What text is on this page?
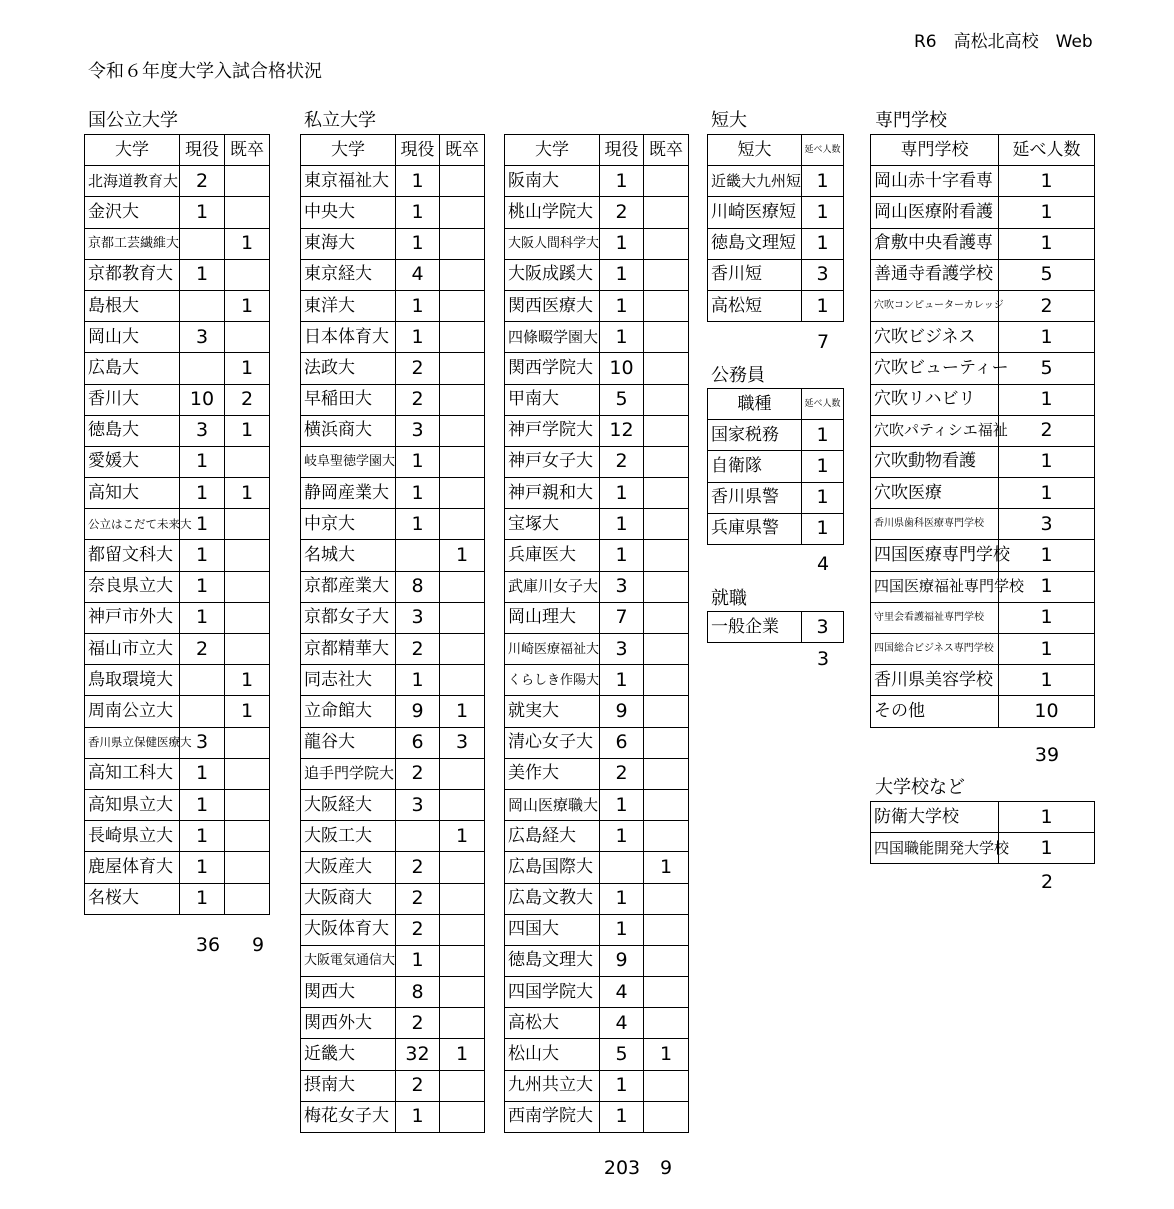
R6　高松北高校　Web
令和６年度大学入試合格状況
国公立大学	私立大学	短大	専門学校
公務員
就職
大学校など
大学	現役	既卒
北海道教育大	2	
金沢大	1	
京都工芸繊維大		1
京都教育大	1	
島根大		1
岡山大	3	
広島大		1
香川大	10	2
徳島大	3	1
愛媛大	1	
高知大	1	1
公立はこだて未来大	1	
都留文科大	1	
奈良県立大	1	
神戸市外大	1	
福山市立大	2	
鳥取環境大		1
周南公立大		1
香川県立保健医療大	3	
高知工科大	1	
高知県立大	1	
長崎県立大	1	
鹿屋体育大	1	
名桜大	1	
36	9
大学	現役	既卒
東京福祉大	1	
中央大	1	
東海大	1	
東京経大	4	
東洋大	1	
日本体育大	1	
法政大	2	
早稲田大	2	
横浜商大	3	
岐阜聖徳学園大	1	
静岡産業大	1	
中京大	1	
名城大		1
京都産業大	8	
京都女子大	3	
京都精華大	2	
同志社大	1	
立命館大	9	1
龍谷大	6	3
追手門学院大	2	
大阪経大	3	
大阪工大		1
大阪産大	2	
大阪商大	2	
大阪体育大	2	
大阪電気通信大	1	
関西大	8	
関西外大	2	
近畿大	32	1
摂南大	2	
梅花女子大	1	
大学	現役	既卒
阪南大	1	
桃山学院大	2	
大阪人間科学大	1	
大阪成蹊大	1	
関西医療大	1	
四條畷学園大	1	
関西学院大	10	
甲南大	5	
神戸学院大	12	
神戸女子大	2	
神戸親和大	1	
宝塚大	1	
兵庫医大	1	
武庫川女子大	3	
岡山理大	7	
川崎医療福祉大	3	
くらしき作陽大	1	
就実大	9	
清心女子大	6	
美作大	2	
岡山医療職大	1	
広島経大	1	
広島国際大		1
広島文教大	1	
四国大	1	
徳島文理大	9	
四国学院大	4	
高松大	4	
松山大	5	1
九州共立大	1	
西南学院大	1	
203	9
短大	延べ人数
近畿大九州短	1
川崎医療短	1
徳島文理短	1
香川短	3
高松短	1
7
職種	延べ人数
国家税務	1
自衛隊	1
香川県警	1
兵庫県警	1
4
一般企業	3
3
専門学校	延べ人数
岡山赤十字看専	1
岡山医療附看護	1
倉敷中央看護専	1
善通寺看護学校	5
穴吹コンピューターカレッジ	2
穴吹ビジネス	1
穴吹ビューティー	5
穴吹リハビリ	1
穴吹パティシエ福祉	2
穴吹動物看護	1
穴吹医療	1
香川県歯科医療専門学校	3
四国医療専門学校	1
四国医療福祉専門学校	1
守里会看護福祉専門学校	1
四国総合ビジネス専門学校	1
香川県美容学校	1
その他	10
39
防衛大学校	1
四国職能開発大学校	1
2
